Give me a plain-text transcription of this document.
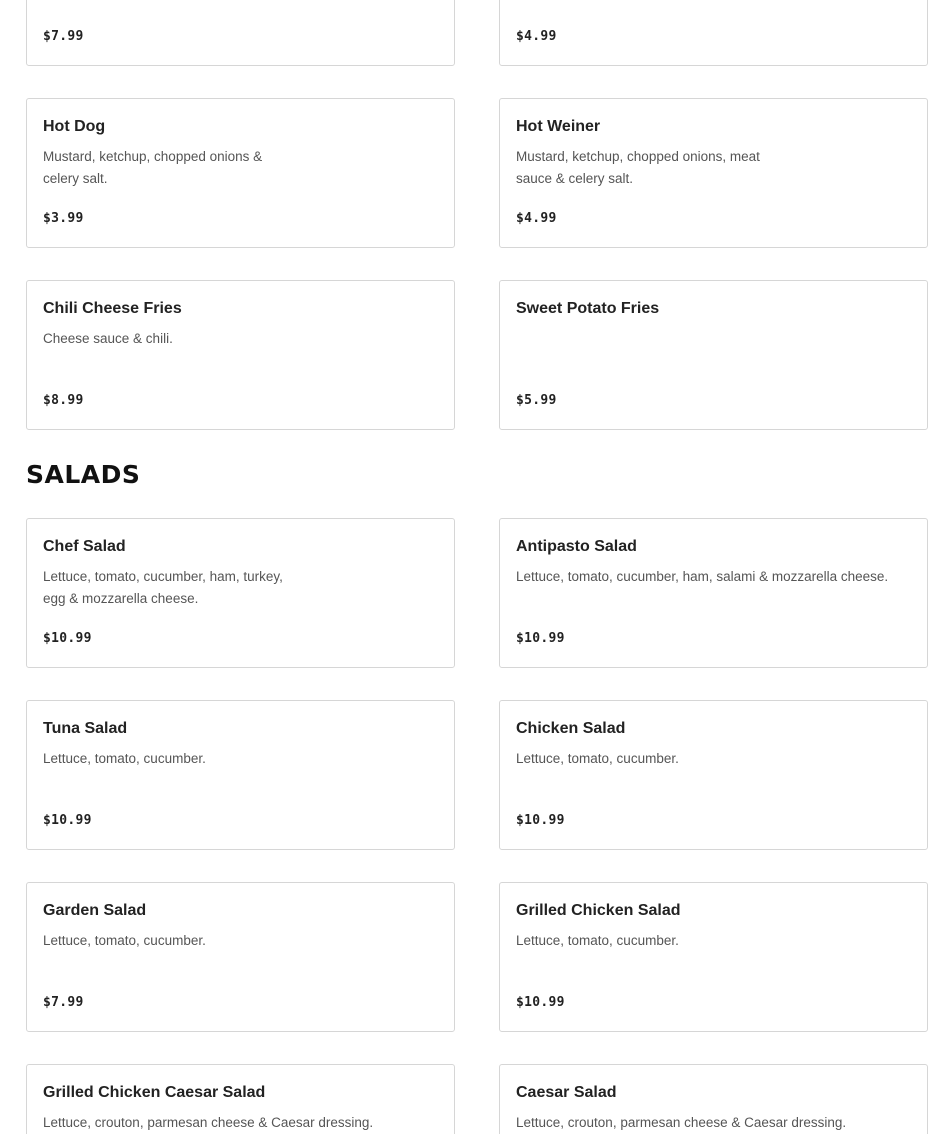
$7.99	$4.99
Hot Dog
Mustard, ketchup, chopped onions & celery salt.
$3.99
Hot Weiner
Mustard, ketchup, chopped onions, meat sauce & celery salt.
$4.99
Chili Cheese Fries
Cheese sauce & chili.
$8.99
Sweet Potato Fries
$5.99
SALADS
Chef Salad
Lettuce, tomato, cucumber, ham, turkey, egg & mozzarella cheese.
$10.99
Antipasto Salad
Lettuce, tomato, cucumber, ham, salami & mozzarella cheese.
$10.99
Tuna Salad
Lettuce, tomato, cucumber.
$10.99
Chicken Salad
Lettuce, tomato, cucumber.
$10.99
Garden Salad
Lettuce, tomato, cucumber.
$7.99
Grilled Chicken Salad
Lettuce, tomato, cucumber.
$10.99
Grilled Chicken Caesar Salad
Lettuce, crouton, parmesan cheese & Caesar dressing.
Caesar Salad
Lettuce, crouton, parmesan cheese & Caesar dressing.
